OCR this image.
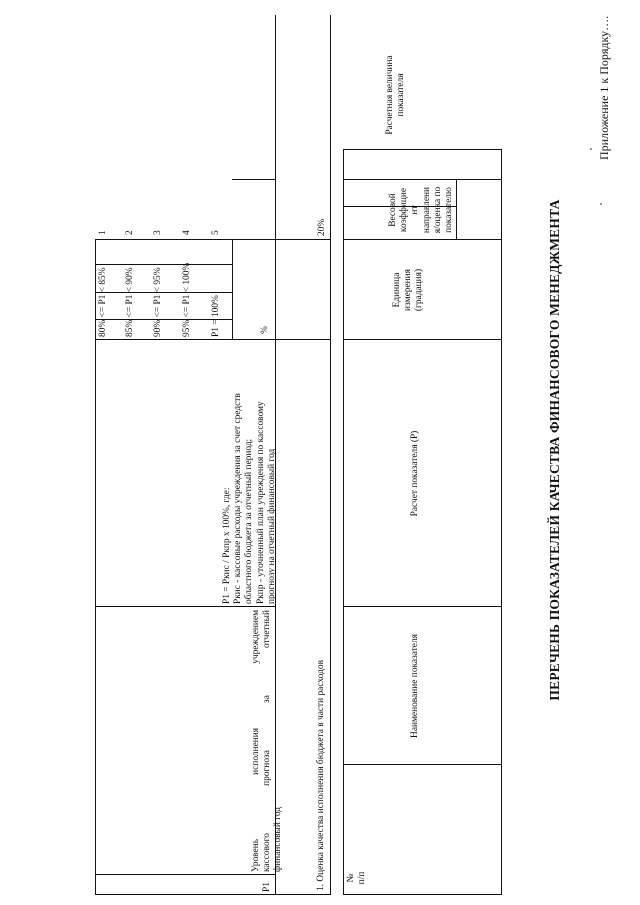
Приложение 1 к Порядку….
ПЕРЕЧЕНЬ ПОКАЗАТЕЛЕЙ КАЧЕСТВА ФИНАНСОВОГО МЕНЕДЖМЕНТА
№ п/п
Наименование показателя
Расчет показателя (P)
Единица измерения (градация)
Весовой коэффицие нт направлени я/оценка по показателю
Расчетная величина показателя
1. Оценка качества исполнения бюджета в части расходов
20%
P1
Уровень исполнения учреждением кассового прогноза за отчетный финансовый год
P1 = Ркис / Ркпр x 100%, где: Ркис - кассовые расходы учреждения за счет средств областного бюджета за отчетный период; Ркпр - уточненный план учреждения по кассовому прогнозу на отчетный финансовый год
%
P1 = 100%
5
95% <= P1 < 100%
4
90% <= P1 < 95%
3
85% <= P1 < 90%
2
80% <= P1 < 85%
1
